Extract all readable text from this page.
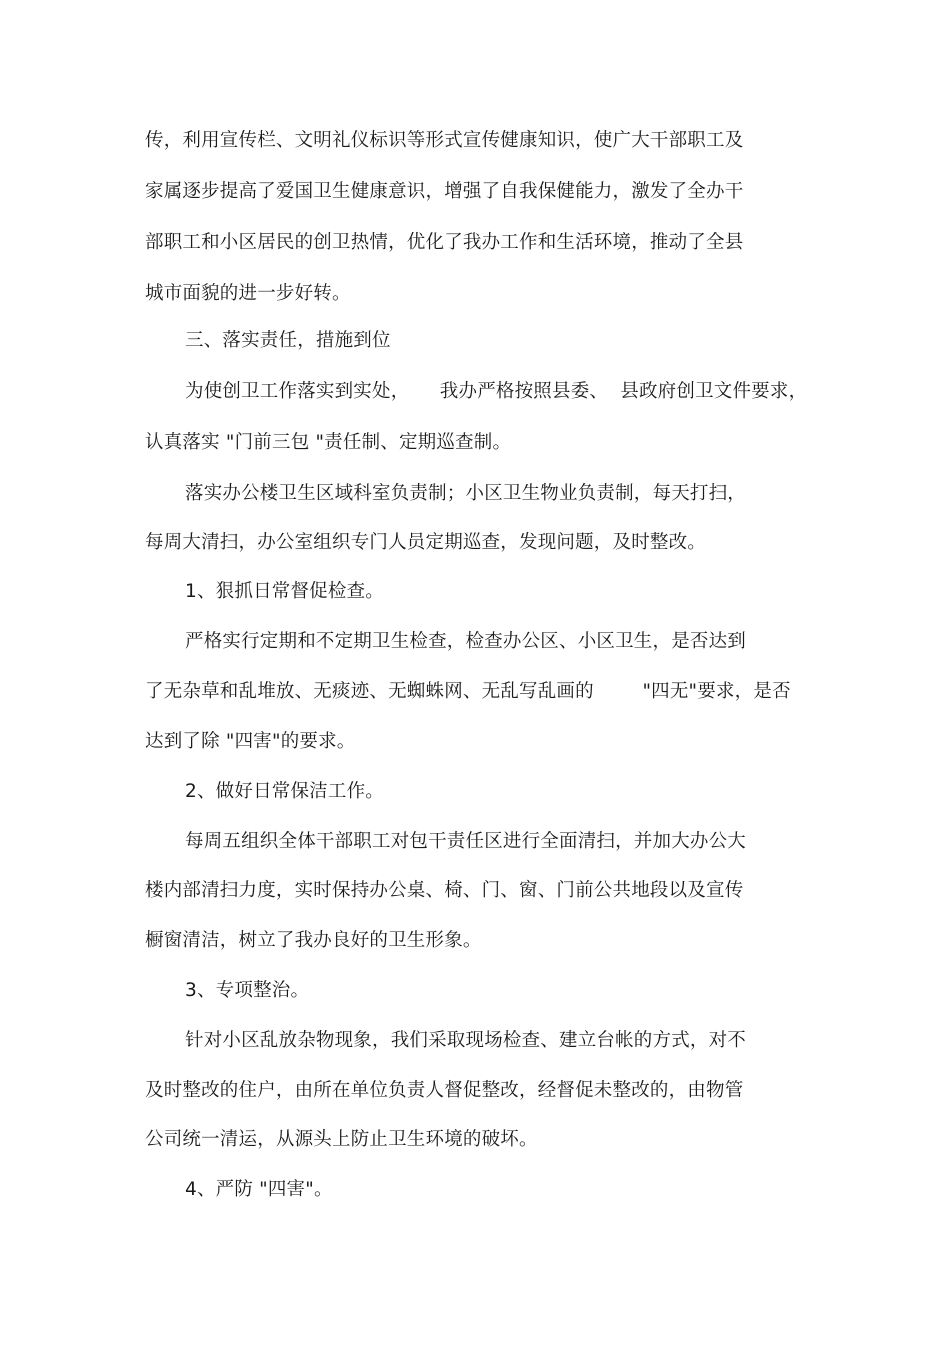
传，利用宣传栏、文明礼仪标识等形式宣传健康知识，使广大干部职工及
家属逐步提高了爱国卫生健康意识，增强了自我保健能力，激发了全办干
部职工和小区居民的创卫热情，优化了我办工作和生活环境，推动了全县
城市面貌的进一步好转。
三、落实责任，措施到位
为使创卫工作落实到实处，     我办严格按照县委、  县政府创卫文件要求，
认真落实 "门前三包 "责任制、定期巡查制。
落实办公楼卫生区域科室负责制；小区卫生物业负责制，每天打扫，
每周大清扫，办公室组织专门人员定期巡查，发现问题，及时整改。
1、狠抓日常督促检查。
严格实行定期和不定期卫生检查，检查办公区、小区卫生，是否达到
了无杂草和乱堆放、无痰迹、无蜘蛛网、无乱写乱画的        "四无"要求，是否
达到了除 "四害"的要求。
2、做好日常保洁工作。
每周五组织全体干部职工对包干责任区进行全面清扫，并加大办公大
楼内部清扫力度，实时保持办公桌、椅、门、窗、门前公共地段以及宣传
橱窗清洁，树立了我办良好的卫生形象。
3、专项整治。
针对小区乱放杂物现象，我们采取现场检查、建立台帐的方式，对不
及时整改的住户，由所在单位负责人督促整改，经督促未整改的，由物管
公司统一清运，从源头上防止卫生环境的破坏。
4、严防 "四害"。
